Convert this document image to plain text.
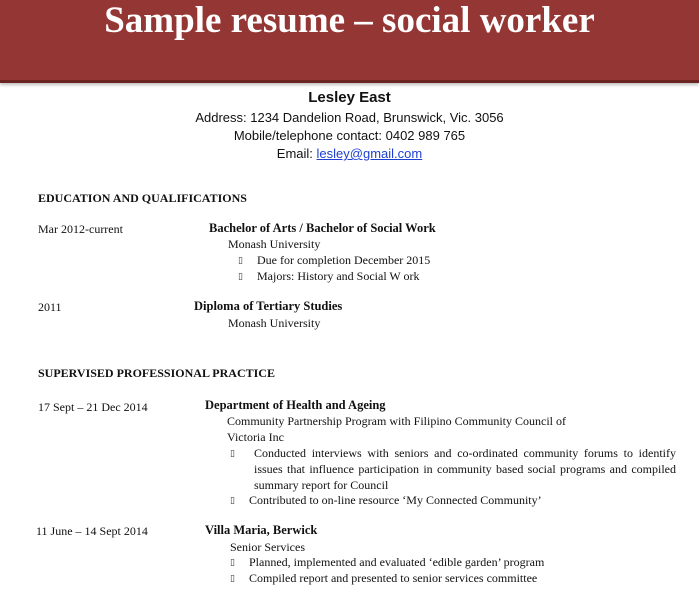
Sample resume – social worker
Lesley East
Address: 1234 Dandelion Road, Brunswick, Vic. 3056
Mobile/telephone contact: 0402 989 765
Email: lesley@gmail.com
EDUCATION AND QUALIFICATIONS
Mar 2012-current	Bachelor of Arts / Bachelor of Social Work
Monash University
▯ Due for completion December 2015
▯ Majors: History and Social W ork
2011	Diploma of Tertiary Studies
Monash University
SUPERVISED PROFESSIONAL PRACTICE
17 Sept – 21 Dec 2014	Department of Health and Ageing
Community Partnership Program with Filipino Community Council of
Victoria Inc
▯ Conducted interviews with seniors and co-ordinated community forums to identify issues that influence participation in community based social programs and compiled summary report for Council
▯ Contributed to on-line resource ‘My Connected Community’
11 June – 14 Sept 2014	Villa Maria, Berwick
Senior Services
▯ Planned, implemented and evaluated ‘edible garden’ program
▯ Compiled report and presented to senior services committee
